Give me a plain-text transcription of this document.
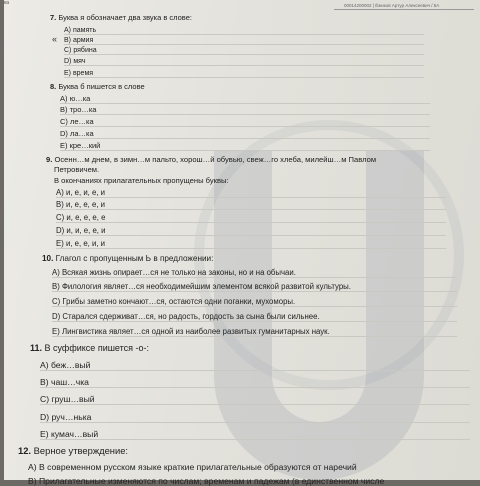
ка	00014200002 | Ёжиков Артур Алексеевич / 5А
7. Буква я обозначает два звука в слове:
А) память
В) армия
«
С) рябина
D) мяч
Е) время
8. Буква б пишется в слове
А) ю…ка
В) тро…ка
С) ле…ка
D) ла…ка
Е) кре…кий
9. Осенн…м днем, в зимн…м пальто, хорош…й обувью, свеж…го хлеба, милейш…м Павлом
Петровичем.
В окончаниях прилагательных пропущены буквы:
А) и, е, и, е, и
В) и, е, е, е, и
С) и, е, е, е, е
D) и, и, е, е, и
Е) и, е, е, и, и
10. Глагол с пропущенным Ь в предложении:
А) Всякая жизнь опирает…ся не только на законы, но и на обычаи.
В) Филология являет…ся необходимейшим элементом всякой развитой культуры.
С) Грибы заметно кончают…ся, остаются одни поганки, мухоморы.
D) Старался сдерживат…ся, но радость, гордость за сына были сильнее.
Е) Лингвистика являет…ся одной из наиболее развитых гуманитарных наук.
11. В суффиксе пишется -о-:
А) беж…вый
В) чаш…чка
С) груш…вый
D) руч…нька
Е) кумач…вый
12. Верное утверждение:
А) В современном русском языке краткие прилагательные образуются от наречий
В) Прилагательные изменяются по числам; временам и падежам (в единственном числе
